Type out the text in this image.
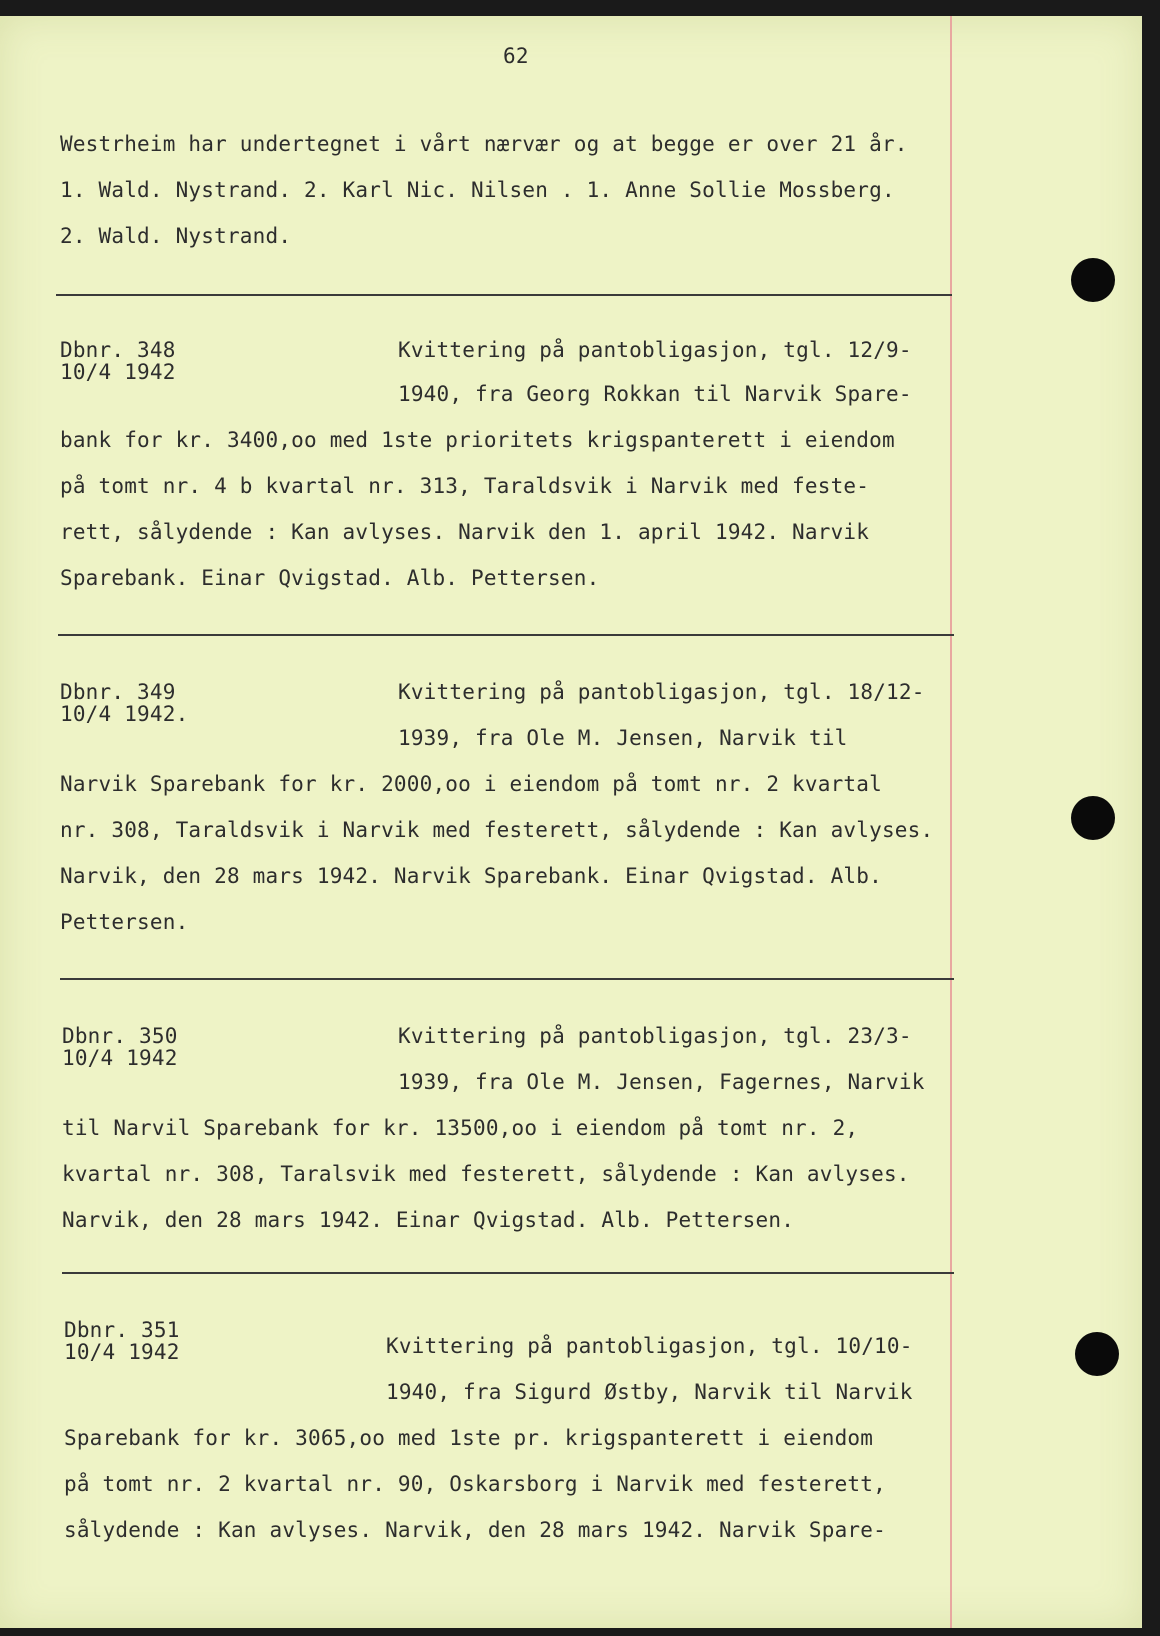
62
Westrheim har undertegnet i vårt nærvær og at begge er over 21 år.
1. Wald. Nystrand. 2. Karl Nic. Nilsen . 1. Anne Sollie Mossberg.
2. Wald. Nystrand.
Dbnr. 348
10/4 1942
Kvittering på pantobligasjon, tgl. 12/9-
1940, fra Georg Rokkan til Narvik Spare-
bank for kr. 3400,oo med 1ste prioritets krigspanterett i eiendom
på tomt nr. 4 b kvartal nr. 313, Taraldsvik i Narvik med feste-
rett, sålydende : Kan avlyses. Narvik den 1. april 1942. Narvik
Sparebank. Einar Qvigstad. Alb. Pettersen.
Dbnr. 349
10/4 1942.
Kvittering på pantobligasjon, tgl. 18/12-
1939, fra Ole M. Jensen, Narvik til
Narvik Sparebank for kr. 2000,oo i eiendom på tomt nr. 2 kvartal
nr. 308, Taraldsvik i Narvik med festerett, sålydende : Kan avlyses.
Narvik, den 28 mars 1942. Narvik Sparebank. Einar Qvigstad. Alb.
Pettersen.
Dbnr. 350
10/4 1942
Kvittering på pantobligasjon, tgl. 23/3-
1939, fra Ole M. Jensen, Fagernes, Narvik
til Narvil Sparebank for kr. 13500,oo i eiendom på tomt nr. 2,
kvartal nr. 308, Taralsvik med festerett, sålydende : Kan avlyses.
Narvik, den 28 mars 1942. Einar Qvigstad. Alb. Pettersen.
Dbnr. 351
10/4 1942	Kvittering på pantobligasjon, tgl. 10/10-
1940, fra Sigurd Østby, Narvik til Narvik
Sparebank for kr. 3065,oo med 1ste pr. krigspanterett i eiendom
på tomt nr. 2 kvartal nr. 90, Oskarsborg i Narvik med festerett,
sålydende : Kan avlyses. Narvik, den 28 mars 1942. Narvik Spare-
